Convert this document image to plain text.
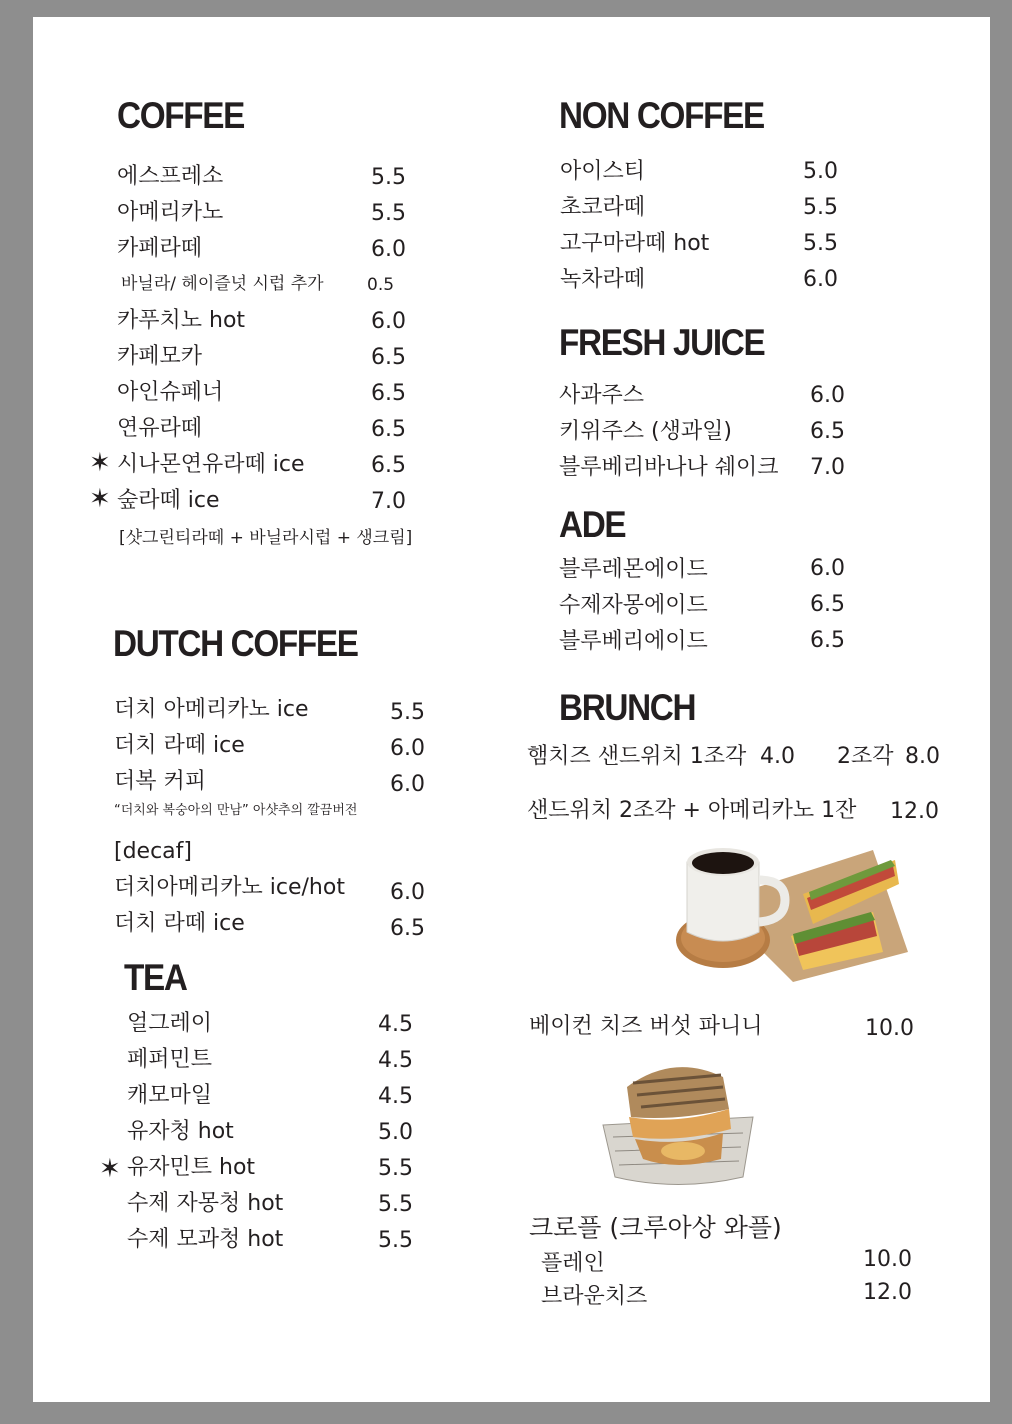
COFFEE
에스프레소	5.5
아메리카노	5.5
카페라떼	6.0
바닐라/ 헤이즐넛 시럽 추가	0.5
카푸치노 hot	6.0
카페모카	6.5
아인슈페너	6.5
연유라떼	6.5
✶ 시나몬연유라떼 ice	6.5
✶ 숲라떼 ice	7.0
[샷그린티라떼 + 바닐라시럽 + 생크림]
DUTCH COFFEE
더치 아메리카노 ice	5.5
더치 라떼 ice	6.0
더복 커피	6.0
“더치와 복숭아의 만남” 아샷추의 깔끔버전
[decaf]
더치아메리카노 ice/hot 6.0
더치 라떼 ice	6.5
TEA
얼그레이	4.5
페퍼민트	4.5
캐모마일	4.5
유자청 hot	5.0
✶ 유자민트 hot	5.5
수제 자몽청 hot	5.5
수제 모과청 hot	5.5
NON COFFEE
아이스티	5.0
초코라떼	5.5
고구마라떼 hot	5.5
녹차라떼	6.0
FRESH JUICE
사과주스	6.0
키위주스 (생과일)	6.5
블루베리바나나 쉐이크 7.0
ADE
블루레몬에이드	6.0
수제자몽에이드	6.5
블루베리에이드	6.5
BRUNCH
햄치즈 샌드위치 1조각 4.0 2조각 8.0
샌드위치 2조각 + 아메리카노 1잔 12.0
베이컨 치즈 버섯 파니니	10.0
크로플 (크루아상 와플)
플레인	10.0
브라운치즈	12.0
